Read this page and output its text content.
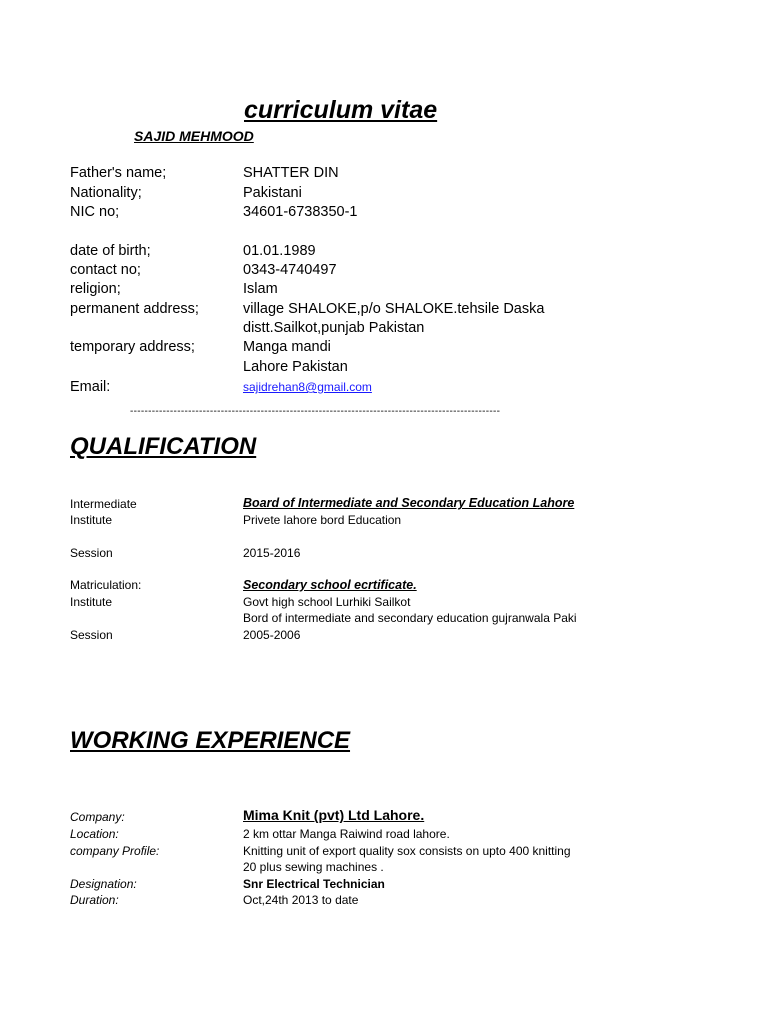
curriculum vitae
SAJID MEHMOOD
Father's name;	SHATTER DIN
Nationality;	Pakistani
NIC no;	34601-6738350-1
date of birth;	01.01.1989
contact no;	0343-4740497
religion;	Islam
permanent address;	village SHALOKE,p/o SHALOKE.tehsile Daska
distt.Sailkot,punjab Pakistan
temporary address;	Manga mandi
Lahore Pakistan
Email:	sajidrehan8@gmail.com
------------------------------------------------------------------------------------------------------
QUALIFICATION
Intermediate	Board of Intermediate and Secondary Education Lahore
Institute	Privete lahore bord Education
Session	2015-2016
Matriculation:	Secondary school ecrtificate.
Institute	Govt high school Lurhiki Sailkot
Bord of intermediate and secondary education gujranwala Paki
Session	2005-2006
WORKING EXPERIENCE
Company:	Mima Knit (pvt) Ltd Lahore.
Location:	2 km ottar Manga Raiwind road lahore.
company Profile:	Knitting unit of export quality sox consists on upto 400 knitting
20 plus sewing machines .
Designation:	Snr Electrical Technician
Duration:	Oct,24th 2013 to date
